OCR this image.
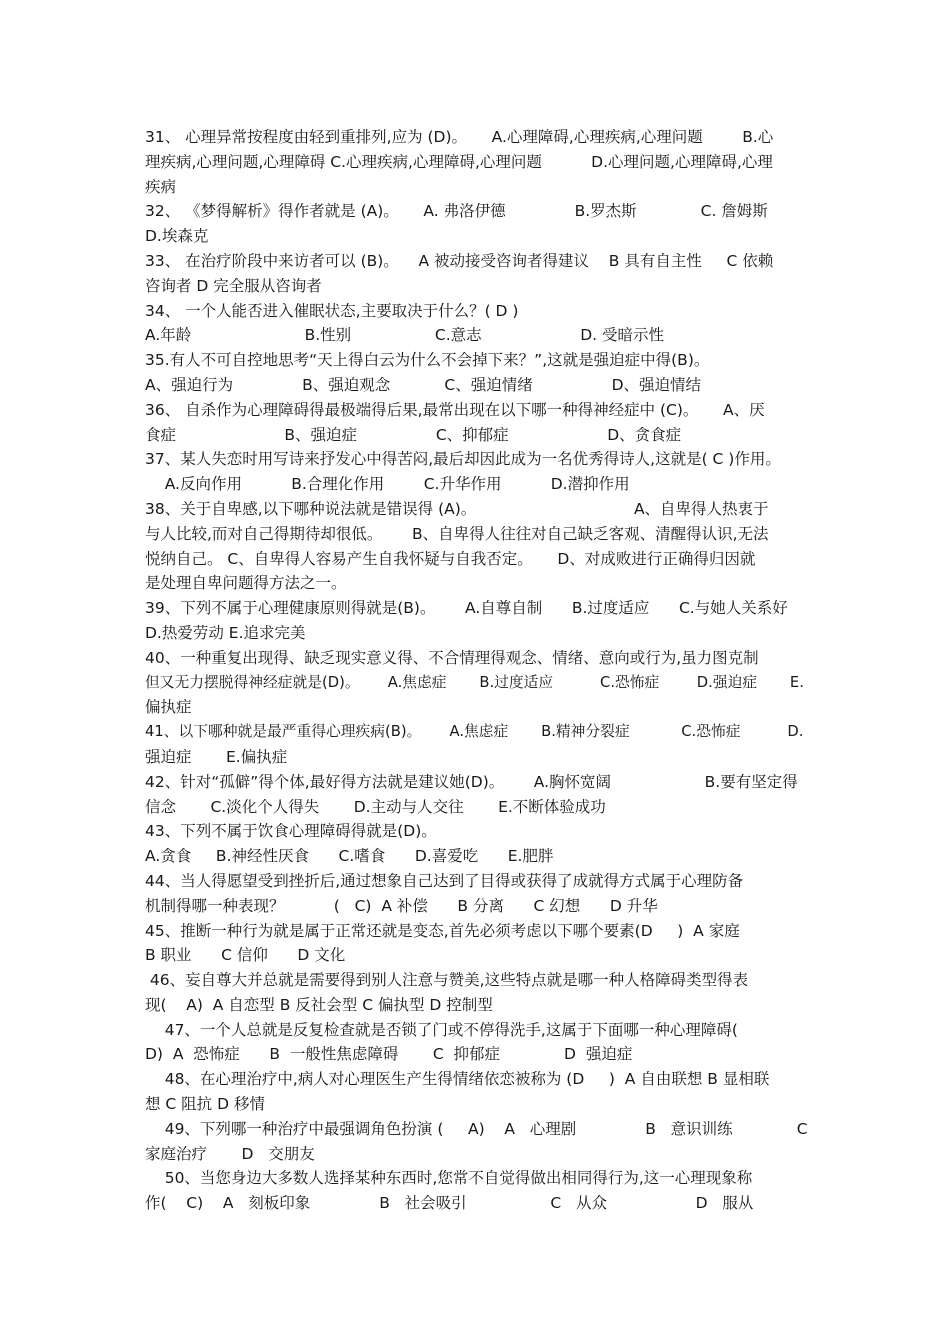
31、 心理异常按程度由轻到重排列,应为 (D)。     A.心理障碍,心理疾病,心理问题        B.心
理疾病,心理问题,心理障碍 C.心理疾病,心理障碍,心理问题          D.心理问题,心理障碍,心理
疾病
32、 《梦得解析》得作者就是 (A)。     A. 弗洛伊德              B.罗杰斯             C. 詹姆斯
D.埃森克
33、 在治疗阶段中来访者可以 (B)。    A 被动接受咨询者得建议    B 具有自主性     C 依赖
咨询者 D 完全服从咨询者
34、 一个人能否进入催眠状态,主要取决于什么？( D )
A.年龄                       B.性别                 C.意志                    D. 受暗示性
35.有人不可自控地思考“天上得白云为什么不会掉下来？”,这就是强迫症中得(B)。
A、强迫行为              B、强迫观念           C、强迫情绪                D、强迫情结
36、 自杀作为心理障碍得最极端得后果,最常出现在以下哪一种得神经症中 (C)。     A、厌
食症                      B、强迫症                C、抑郁症                    D、贪食症
37、某人失恋时用写诗来抒发心中得苦闷,最后却因此成为一名优秀得诗人,这就是( C )作用。
A.反向作用          B.合理化作用        C.升华作用          D.潜抑作用
38、关于自卑感,以下哪种说法就是错误得 (A)。                                A、自卑得人热衷于
与人比较,而对自己得期待却很低。      B、自卑得人往往对自己缺乏客观、清醒得认识,无法
悦纳自己。 C、自卑得人容易产生自我怀疑与自我否定。     D、对成败进行正确得归因就
是处理自卑问题得方法之一。
39、下列不属于心理健康原则得就是(B)。      A.自尊自制      B.过度适应      C.与她人关系好
D.热爱劳动 E.追求完美
40、一种重复出现得、缺乏现实意义得、不合情理得观念、情绪、意向或行为,虽力图克制
但又无力摆脱得神经症就是(D)。      A.焦虑症       B.过度适应          C.恐怖症        D.强迫症       E.
偏执症
41、以下哪种就是最严重得心理疾病(B)。      A.焦虑症       B.精神分裂症           C.恐怖症          D.
强迫症       E.偏执症
42、针对“孤僻”得个体,最好得方法就是建议她(D)。      A.胸怀宽阔                   B.要有坚定得
信念       C.淡化个人得失       D.主动与人交往       E.不断体验成功
43、下列不属于饮食心理障碍得就是(D)。
A.贪食     B.神经性厌食      C.嗜食      D.喜爱吃      E.肥胖
44、当人得愿望受到挫折后,通过想象自己达到了目得或获得了成就得方式属于心理防备
机制得哪一种表现？          (   C)  A 补偿      B 分离      C 幻想      D 升华
45、推断一种行为就是属于正常还就是变态,首先必须考虑以下哪个要素(D     )  A 家庭
B 职业      C 信仰      D 文化
46、妄自尊大并总就是需要得到别人注意与赞美,这些特点就是哪一种人格障碍类型得表
现(    A)  A 自恋型 B 反社会型 C 偏执型 D 控制型
47、一个人总就是反复检查就是否锁了门或不停得洗手,这属于下面哪一种心理障碍(
D)  A  恐怖症      B  一般性焦虑障碍       C  抑郁症             D  强迫症
48、在心理治疗中,病人对心理医生产生得情绪依恋被称为 (D     )  A 自由联想 B 显相联
想 C 阻抗 D 移情
49、下列哪一种治疗中最强调角色扮演 (     A)    A   心理剧              B   意识训练             C
家庭治疗       D   交朋友
50、当您身边大多数人选择某种东西时,您常不自觉得做出相同得行为,这一心理现象称
作(    C)    A   刻板印象              B   社会吸引                 C   从众                  D   服从
